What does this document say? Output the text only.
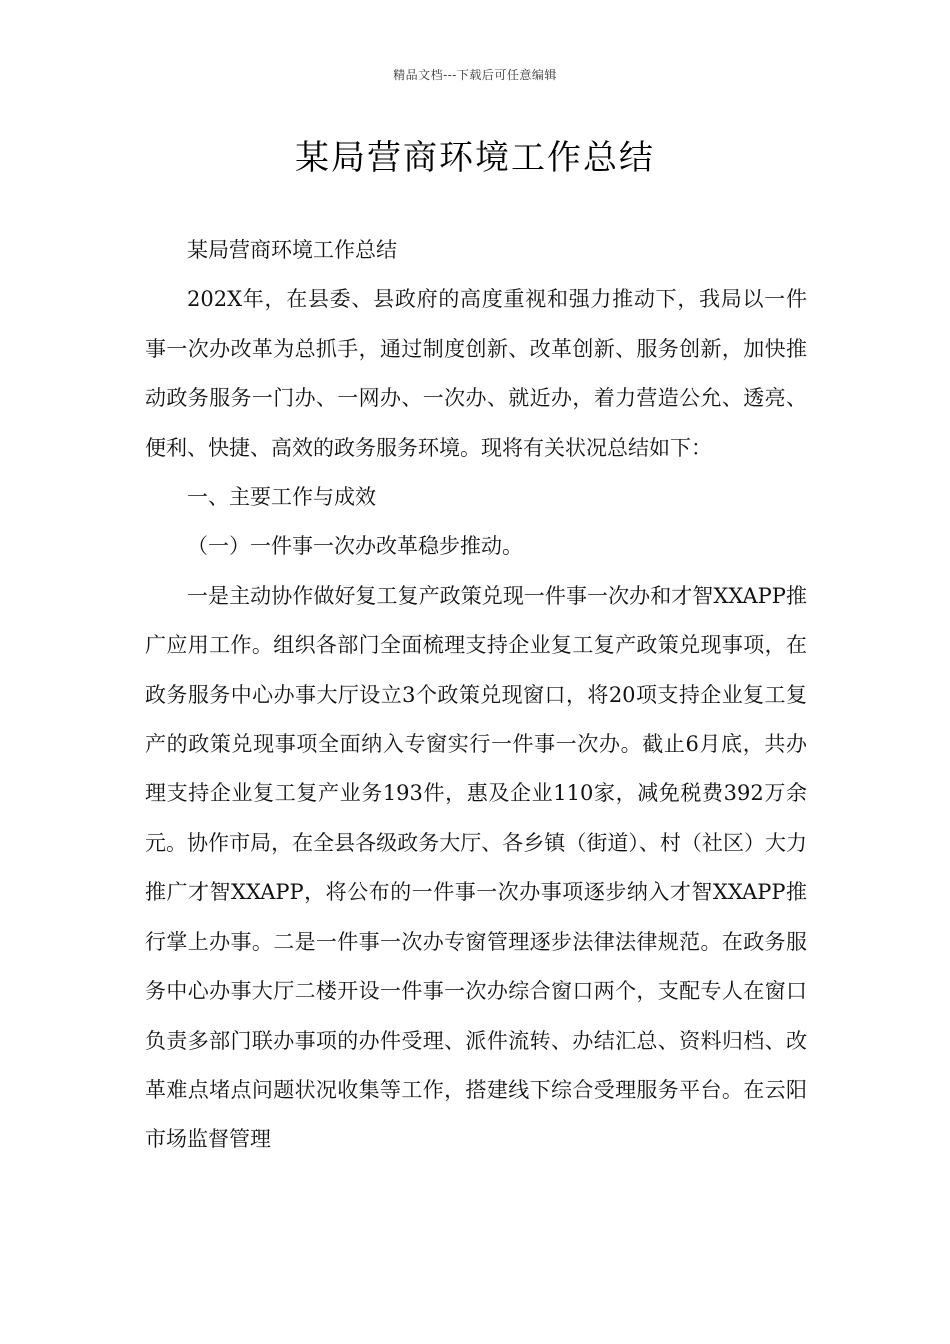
精品文档---下载后可任意编辑
某局营商环境工作总结

某局营商环境工作总结

202X年，在县委、县政府的高度重视和强力推动下，我局以一件事一次办改革为总抓手，通过制度创新、改革创新、服务创新，加快推动政务服务一门办、一网办、一次办、就近办，着力营造公允、透亮、便利、快捷、高效的政务服务环境。现将有关状况总结如下：

一、主要工作与成效

（一）一件事一次办改革稳步推动。

一是主动协作做好复工复产政策兑现一件事一次办和才智XXAPP推广应用工作。组织各部门全面梳理支持企业复工复产政策兑现事项，在政务服务中心办事大厅设立3个政策兑现窗口，将20项支持企业复工复产的政策兑现事项全面纳入专窗实行一件事一次办。截止6月底，共办理支持企业复工复产业务193件，惠及企业110家，减免税费392万余元。协作市局，在全县各级政务大厅、各乡镇（街道）、村（社区）大力推广才智XXAPP，将公布的一件事一次办事项逐步纳入才智XXAPP推行掌上办事。二是一件事一次办专窗管理逐步法律法律规范。在政务服务中心办事大厅二楼开设一件事一次办综合窗口两个，支配专人在窗口负责多部门联办事项的办件受理、派件流转、办结汇总、资料归档、改革难点堵点问题状况收集等工作，搭建线下综合受理服务平台。在云阳市场监督管理
